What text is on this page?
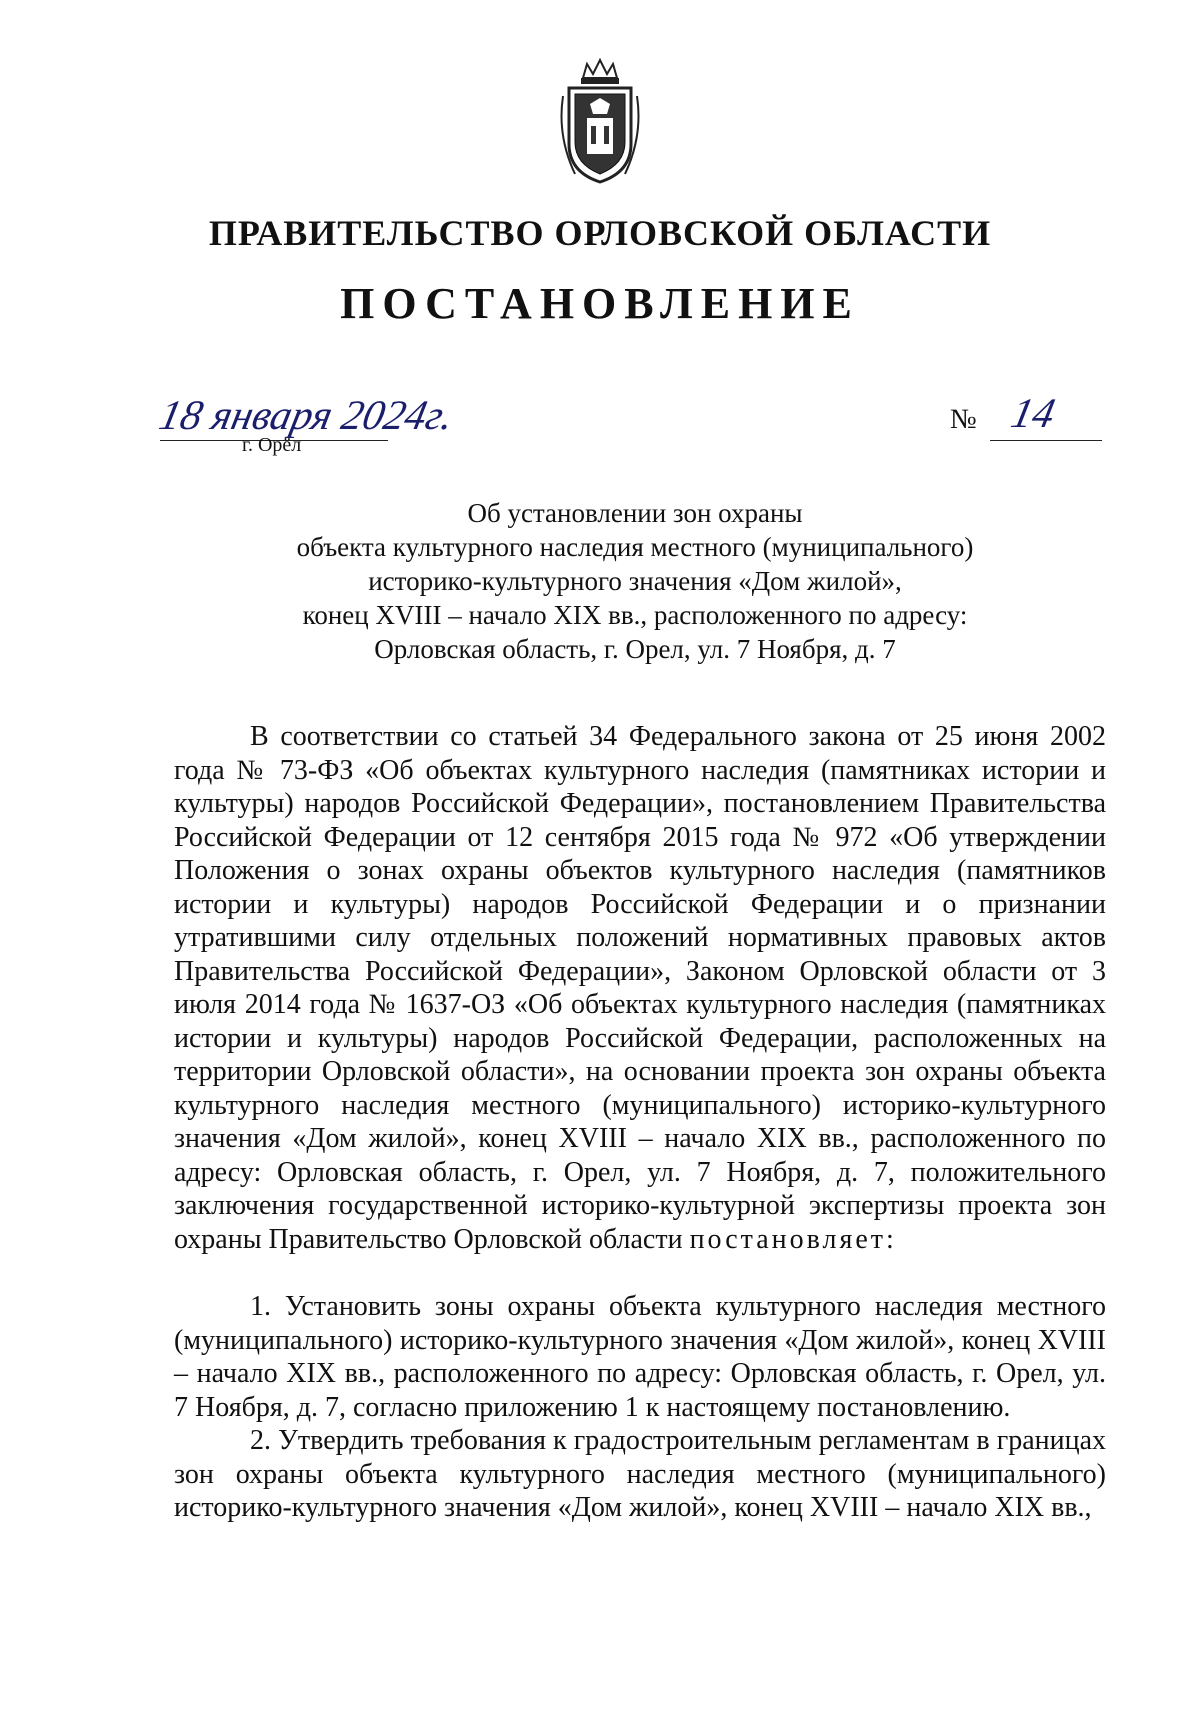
ПРАВИТЕЛЬСТВО ОРЛОВСКОЙ ОБЛАСТИ
ПОСТАНОВЛЕНИЕ
18 января 2024г.
г. Орёл
№ 14
Об установлении зон охраны
объекта культурного наследия местного (муниципального)
историко-культурного значения «Дом жилой»,
конец XVIII – начало XIX вв., расположенного по адресу:
Орловская область, г. Орел, ул. 7 Ноября, д. 7

В соответствии со статьей 34 Федерального закона от 25 июня 2002 года № 73-ФЗ «Об объектах культурного наследия (памятниках истории и культуры) народов Российской Федерации», постановлением Правительства Российской Федерации от 12 сентября 2015 года № 972 «Об утверждении Положения о зонах охраны объектов культурного наследия (памятников истории и культуры) народов Российской Федерации и о признании утратившими силу отдельных положений нормативных правовых актов Правительства Российской Федерации», Законом Орловской области от 3 июля 2014 года № 1637-ОЗ «Об объектах культурного наследия (памятниках истории и культуры) народов Российской Федерации, расположенных на территории Орловской области», на основании проекта зон охраны объекта культурного наследия местного (муниципального) историко-культурного значения «Дом жилой», конец XVIII – начало XIX вв., расположенного по адресу: Орловская область, г. Орел, ул. 7 Ноября, д. 7, положительного заключения государственной историко-культурной экспертизы проекта зон охраны Правительство Орловской области постановляет:

1. Установить зоны охраны объекта культурного наследия местного (муниципального) историко-культурного значения «Дом жилой», конец XVIII – начало XIX вв., расположенного по адресу: Орловская область, г. Орел, ул. 7 Ноября, д. 7, согласно приложению 1 к настоящему постановлению.

2. Утвердить требования к градостроительным регламентам в границах зон охраны объекта культурного наследия местного (муниципального) историко-культурного значения «Дом жилой», конец XVIII – начало XIX вв.,
